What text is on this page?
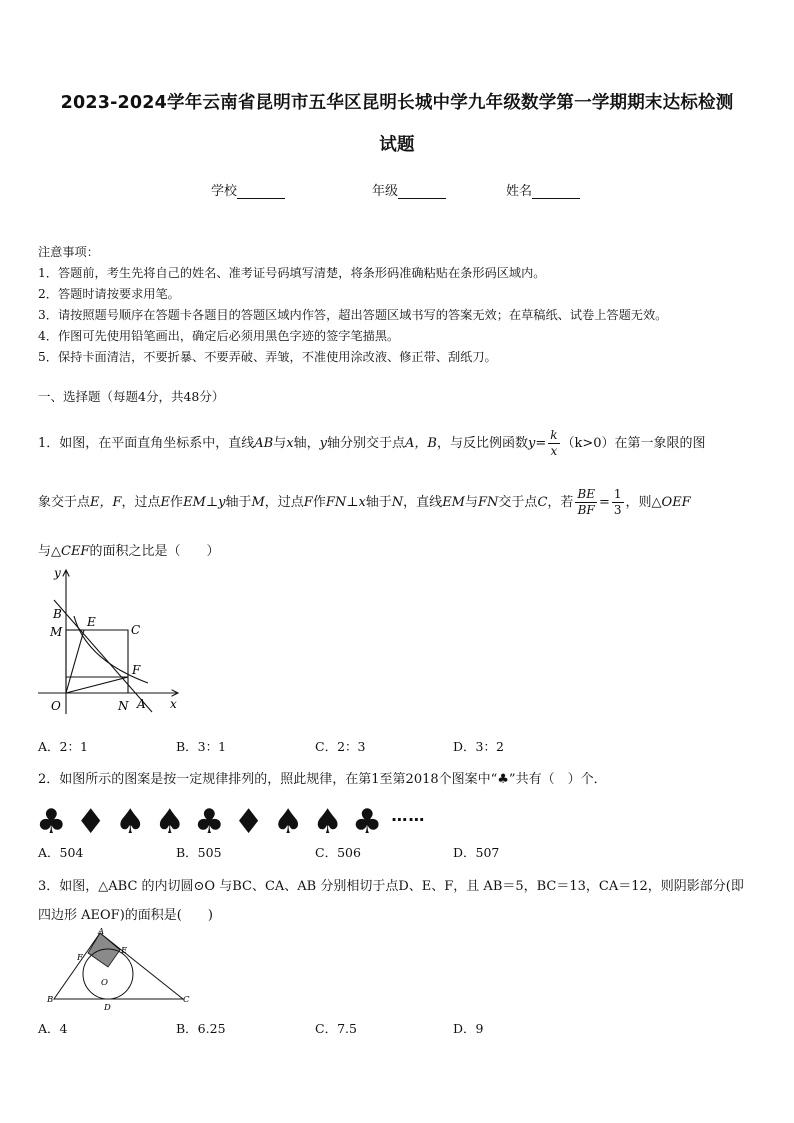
2023-2024学年云南省昆明市五华区昆明长城中学九年级数学第一学期期末达标检测
试题
学校	年级	姓名
注意事项：
1．答题前，考生先将自己的姓名、准考证号码填写清楚，将条形码准确粘贴在条形码区域内。
2．答题时请按要求用笔。
3．请按照题号顺序在答题卡各题目的答题区域内作答，超出答题区域书写的答案无效；在草稿纸、试卷上答题无效。
4．作图可先使用铅笔画出，确定后必须用黑色字迹的签字笔描黑。
5．保持卡面清洁，不要折暴、不要弄破、弄皱，不准使用涂改液、修正带、刮纸刀。
一、选择题（每题4分，共48分）
1．如图，在平面直角坐标系中，直线AB与x轴，y轴分别交于点A，B，与反比例函数$y= \frac{k}{x} (k>0)$在第一象限的图
象交于点E，F，过点E作EM⊥y轴于M，过点F作FN⊥x轴于N，直线EM与FN交于点C，若 $\frac{BE}{BF} = \frac{1}{3}$ ，则△OEF
与△CEF的面积之比是（　　）
y
B
M
E
C
F
O	N A x
A．2：1	B．3：1	C．2：3	D．3：2
2．如图所示的图案是按一定规律排列的，照此规律，在第1至第2018个图案中“♣”共有（　）个．
♣ ♦ ♠ ♠ ♣ ♦ ♠ ♠ ♣ ……
A．504	B．505	C．506	D．507
3．如图，△ABC 的内切圆⊙O 与BC、CA、AB 分别相切于点D、E、F，且 AB＝5，BC＝13，CA＝12，则阴影部分(即
四边形 AEOF)的面积是(　　)
A
E
F
O
B
D
C
A．4	B．6.25	C．7.5	D．9
